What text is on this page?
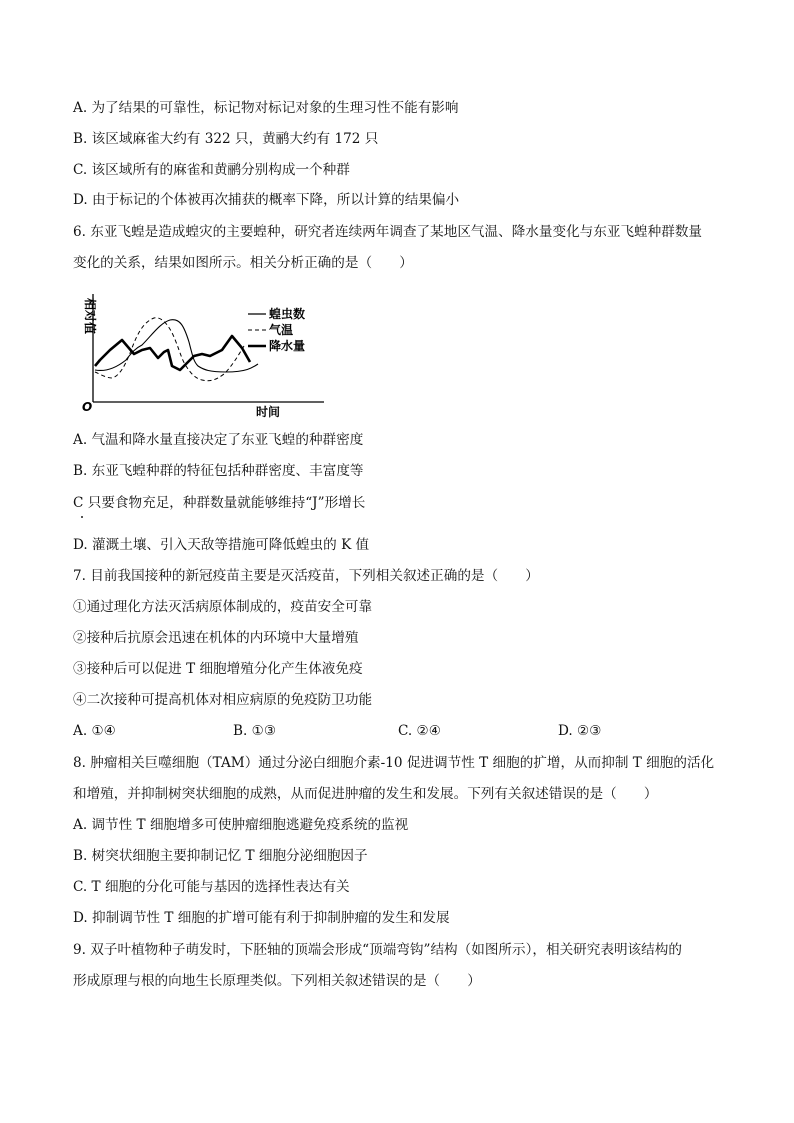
A. 为了结果的可靠性，标记物对标记对象的生理习性不能有影响
B. 该区域麻雀大约有 322 只，黄鹂大约有 172 只
C. 该区域所有的麻雀和黄鹂分别构成一个种群
D. 由于标记的个体被再次捕获的概率下降，所以计算的结果偏小
6. 东亚飞蝗是造成蝗灾的主要蝗种，研究者连续两年调查了某地区气温、降水量变化与东亚飞蝗种群数量
变化的关系，结果如图所示。相关分析正确的是（　　）
相对值
O	时间
蝗虫数
气温
降水量
A. 气温和降水量直接决定了东亚飞蝗的种群密度
B. 东亚飞蝗种群的特征包括种群密度、丰富度等
C 只要食物充足，种群数量就能够维持“J”形增长
D. 灌溉土壤、引入天敌等措施可降低蝗虫的 K 值
7. 目前我国接种的新冠疫苗主要是灭活疫苗，下列相关叙述正确的是（　　）
①通过理化方法灭活病原体制成的，疫苗安全可靠
②接种后抗原会迅速在机体的内环境中大量增殖
③接种后可以促进 T 细胞增殖分化产生体液免疫
④二次接种可提高机体对相应病原的免疫防卫功能
A. ①④	B. ①③	C. ②④	D. ②③
8. 肿瘤相关巨噬细胞（TAM）通过分泌白细胞介素-10 促进调节性 T 细胞的扩增，从而抑制 T 细胞的活化
和增殖，并抑制树突状细胞的成熟，从而促进肿瘤的发生和发展。下列有关叙述错误的是（　　）
A. 调节性 T 细胞增多可使肿瘤细胞逃避免疫系统的监视
B. 树突状细胞主要抑制记忆 T 细胞分泌细胞因子
C. T 细胞的分化可能与基因的选择性表达有关
D. 抑制调节性 T 细胞的扩增可能有利于抑制肿瘤的发生和发展
9. 双子叶植物种子萌发时，下胚轴的顶端会形成“顶端弯钩”结构（如图所示），相关研究表明该结构的
形成原理与根的向地生长原理类似。下列相关叙述错误的是（　　）
